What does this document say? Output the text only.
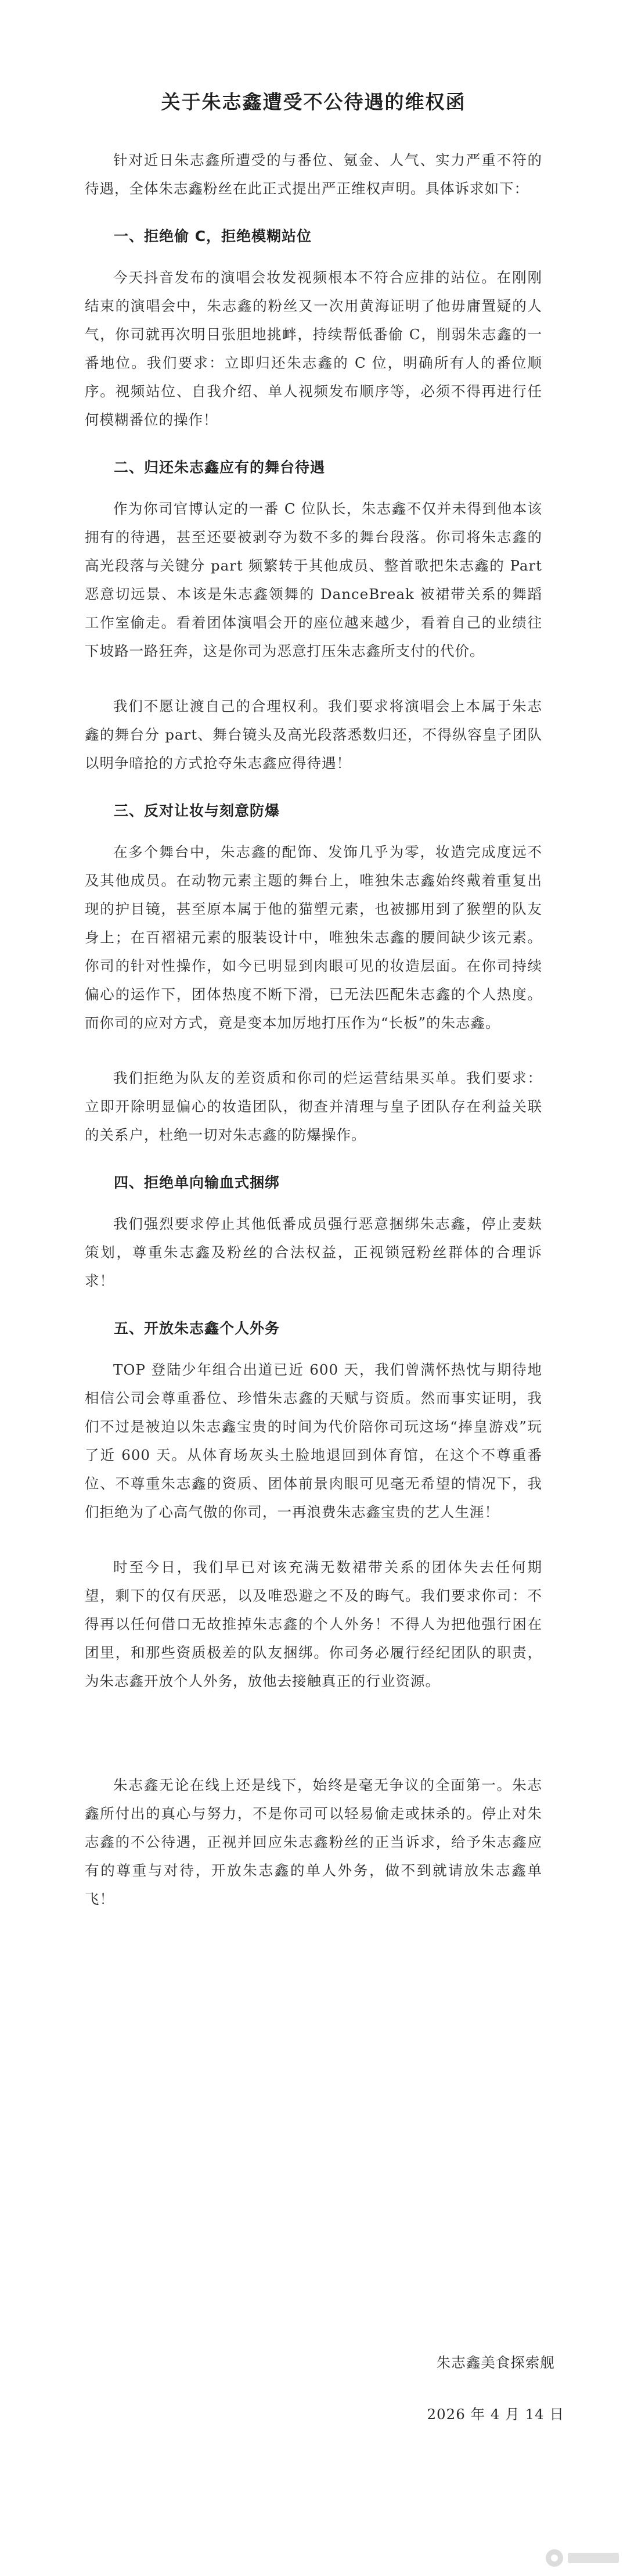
关于朱志鑫遭受不公待遇的维权函

针对近日朱志鑫所遭受的与番位、氪金、人气、实力严重不符的待遇，全体朱志鑫粉丝在此正式提出严正维权声明。具体诉求如下：

一、拒绝偷 C，拒绝模糊站位

今天抖音发布的演唱会妆发视频根本不符合应排的站位。在刚刚结束的演唱会中，朱志鑫的粉丝又一次用黄海证明了他毋庸置疑的人气，你司就再次明目张胆地挑衅，持续帮低番偷 C，削弱朱志鑫的一番地位。我们要求：立即归还朱志鑫的 C 位，明确所有人的番位顺序。视频站位、自我介绍、单人视频发布顺序等，必须不得再进行任何模糊番位的操作！

二、归还朱志鑫应有的舞台待遇

作为你司官博认定的一番 C 位队长，朱志鑫不仅并未得到他本该拥有的待遇，甚至还要被剥夺为数不多的舞台段落。你司将朱志鑫的高光段落与关键分 part 频繁转于其他成员、整首歌把朱志鑫的 Part 恶意切远景、本该是朱志鑫领舞的 DanceBreak 被裙带关系的舞蹈工作室偷走。看着团体演唱会开的座位越来越少，看着自己的业绩往下坡路一路狂奔，这是你司为恶意打压朱志鑫所支付的代价。

我们不愿让渡自己的合理权利。我们要求将演唱会上本属于朱志鑫的舞台分 part、舞台镜头及高光段落悉数归还，不得纵容皇子团队以明争暗抢的方式抢夺朱志鑫应得待遇！

三、反对让妆与刻意防爆

在多个舞台中，朱志鑫的配饰、发饰几乎为零，妆造完成度远不及其他成员。在动物元素主题的舞台上，唯独朱志鑫始终戴着重复出现的护目镜，甚至原本属于他的猫塑元素，也被挪用到了猴塑的队友身上；在百褶裙元素的服装设计中，唯独朱志鑫的腰间缺少该元素。你司的针对性操作，如今已明显到肉眼可见的妆造层面。在你司持续偏心的运作下，团体热度不断下滑，已无法匹配朱志鑫的个人热度。而你司的应对方式，竟是变本加厉地打压作为“长板”的朱志鑫。

我们拒绝为队友的差资质和你司的烂运营结果买单。我们要求：立即开除明显偏心的妆造团队，彻查并清理与皇子团队存在利益关联的关系户，杜绝一切对朱志鑫的防爆操作。

四、拒绝单向输血式捆绑

我们强烈要求停止其他低番成员强行恶意捆绑朱志鑫，停止麦麸策划，尊重朱志鑫及粉丝的合法权益，正视锁冠粉丝群体的合理诉求！

五、开放朱志鑫个人外务

TOP 登陆少年组合出道已近 600 天，我们曾满怀热忱与期待地相信公司会尊重番位、珍惜朱志鑫的天赋与资质。然而事实证明，我们不过是被迫以朱志鑫宝贵的时间为代价陪你司玩这场“捧皇游戏”玩了近 600 天。从体育场灰头土脸地退回到体育馆，在这个不尊重番位、不尊重朱志鑫的资质、团体前景肉眼可见毫无希望的情况下，我们拒绝为了心高气傲的你司，一再浪费朱志鑫宝贵的艺人生涯！

时至今日，我们早已对该充满无数裙带关系的团体失去任何期望，剩下的仅有厌恶，以及唯恐避之不及的晦气。我们要求你司：不得再以任何借口无故推掉朱志鑫的个人外务！不得人为把他强行困在团里，和那些资质极差的队友捆绑。你司务必履行经纪团队的职责，为朱志鑫开放个人外务，放他去接触真正的行业资源。

朱志鑫无论在线上还是线下，始终是毫无争议的全面第一。朱志鑫所付出的真心与努力，不是你司可以轻易偷走或抹杀的。停止对朱志鑫的不公待遇，正视并回应朱志鑫粉丝的正当诉求，给予朱志鑫应有的尊重与对待，开放朱志鑫的单人外务，做不到就请放朱志鑫单飞！

朱志鑫美食探索舰

2026 年 4 月 14 日
